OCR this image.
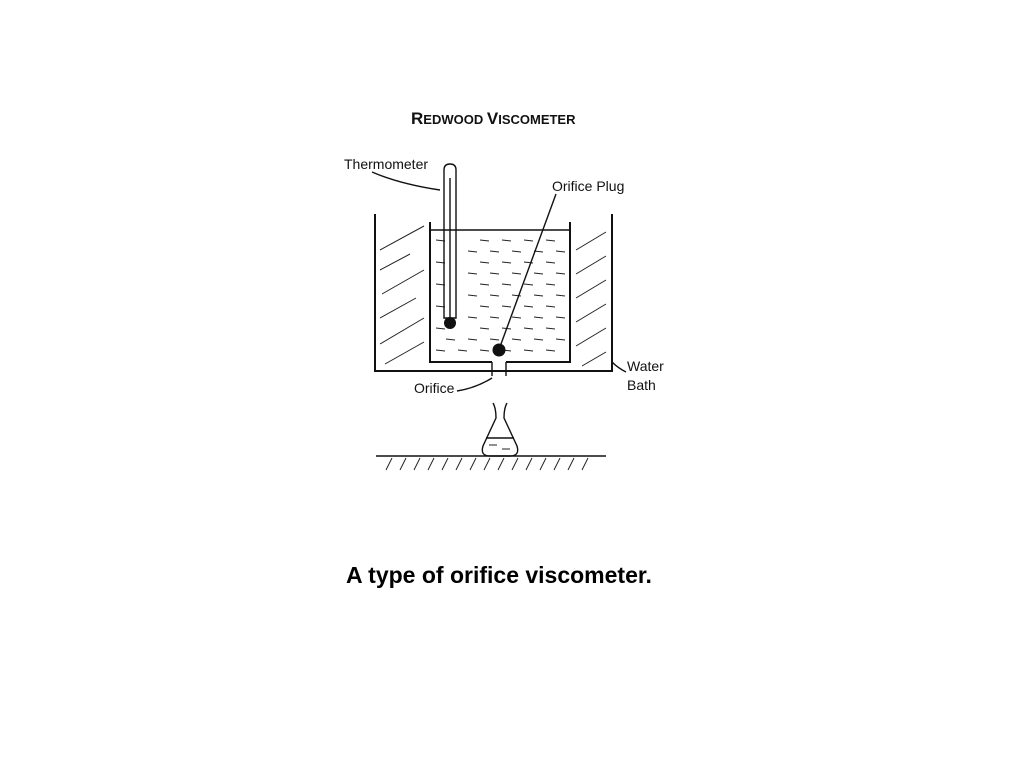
REDWOOD VISCOMETER
Thermometer
Orifice Plug
Water
Bath
Orifice
A type of orifice viscometer.
